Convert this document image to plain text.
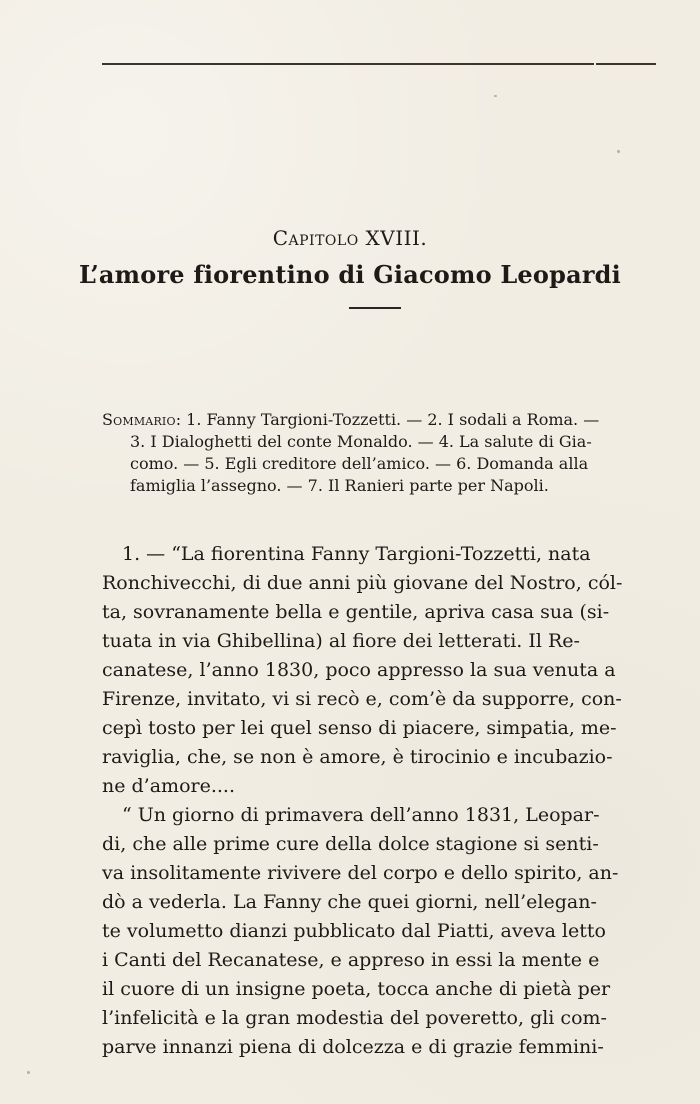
Capitolo XVIII.
L’amore fiorentino di Giacomo Leopardi
Sommario: 1. Fanny Targioni-Tozzetti. — 2. I sodali a Roma. —
3. I Dialoghetti del conte Monaldo. — 4. La salute di Gia-
como. — 5. Egli creditore dell’amico. — 6. Domanda alla
famiglia l’assegno. — 7. Il Ranieri parte per Napoli.
1. — “La fiorentina Fanny Targioni-Tozzetti, nata
Ronchivecchi, di due anni più giovane del Nostro, cól-
ta, sovranamente bella e gentile, apriva casa sua (si-
tuata in via Ghibellina) al fiore dei letterati. Il Re-
canatese, l’anno 1830, poco appresso la sua venuta a
Firenze, invitato, vi si recò e, com’è da supporre, con-
cepì tosto per lei quel senso di piacere, simpatia, me-
raviglia, che, se non è amore, è tirocinio e incubazio-
ne d’amore....
“ Un giorno di primavera dell’anno 1831, Leopar-
di, che alle prime cure della dolce stagione si senti-
va insolitamente rivivere del corpo e dello spirito, an-
dò a vederla. La Fanny che quei giorni, nell’elegan-
te volumetto dianzi pubblicato dal Piatti, aveva letto
i Canti del Recanatese, e appreso in essi la mente e
il cuore di un insigne poeta, tocca anche di pietà per
l’infelicità e la gran modestia del poveretto, gli com-
parve innanzi piena di dolcezza e di grazie femmini-
